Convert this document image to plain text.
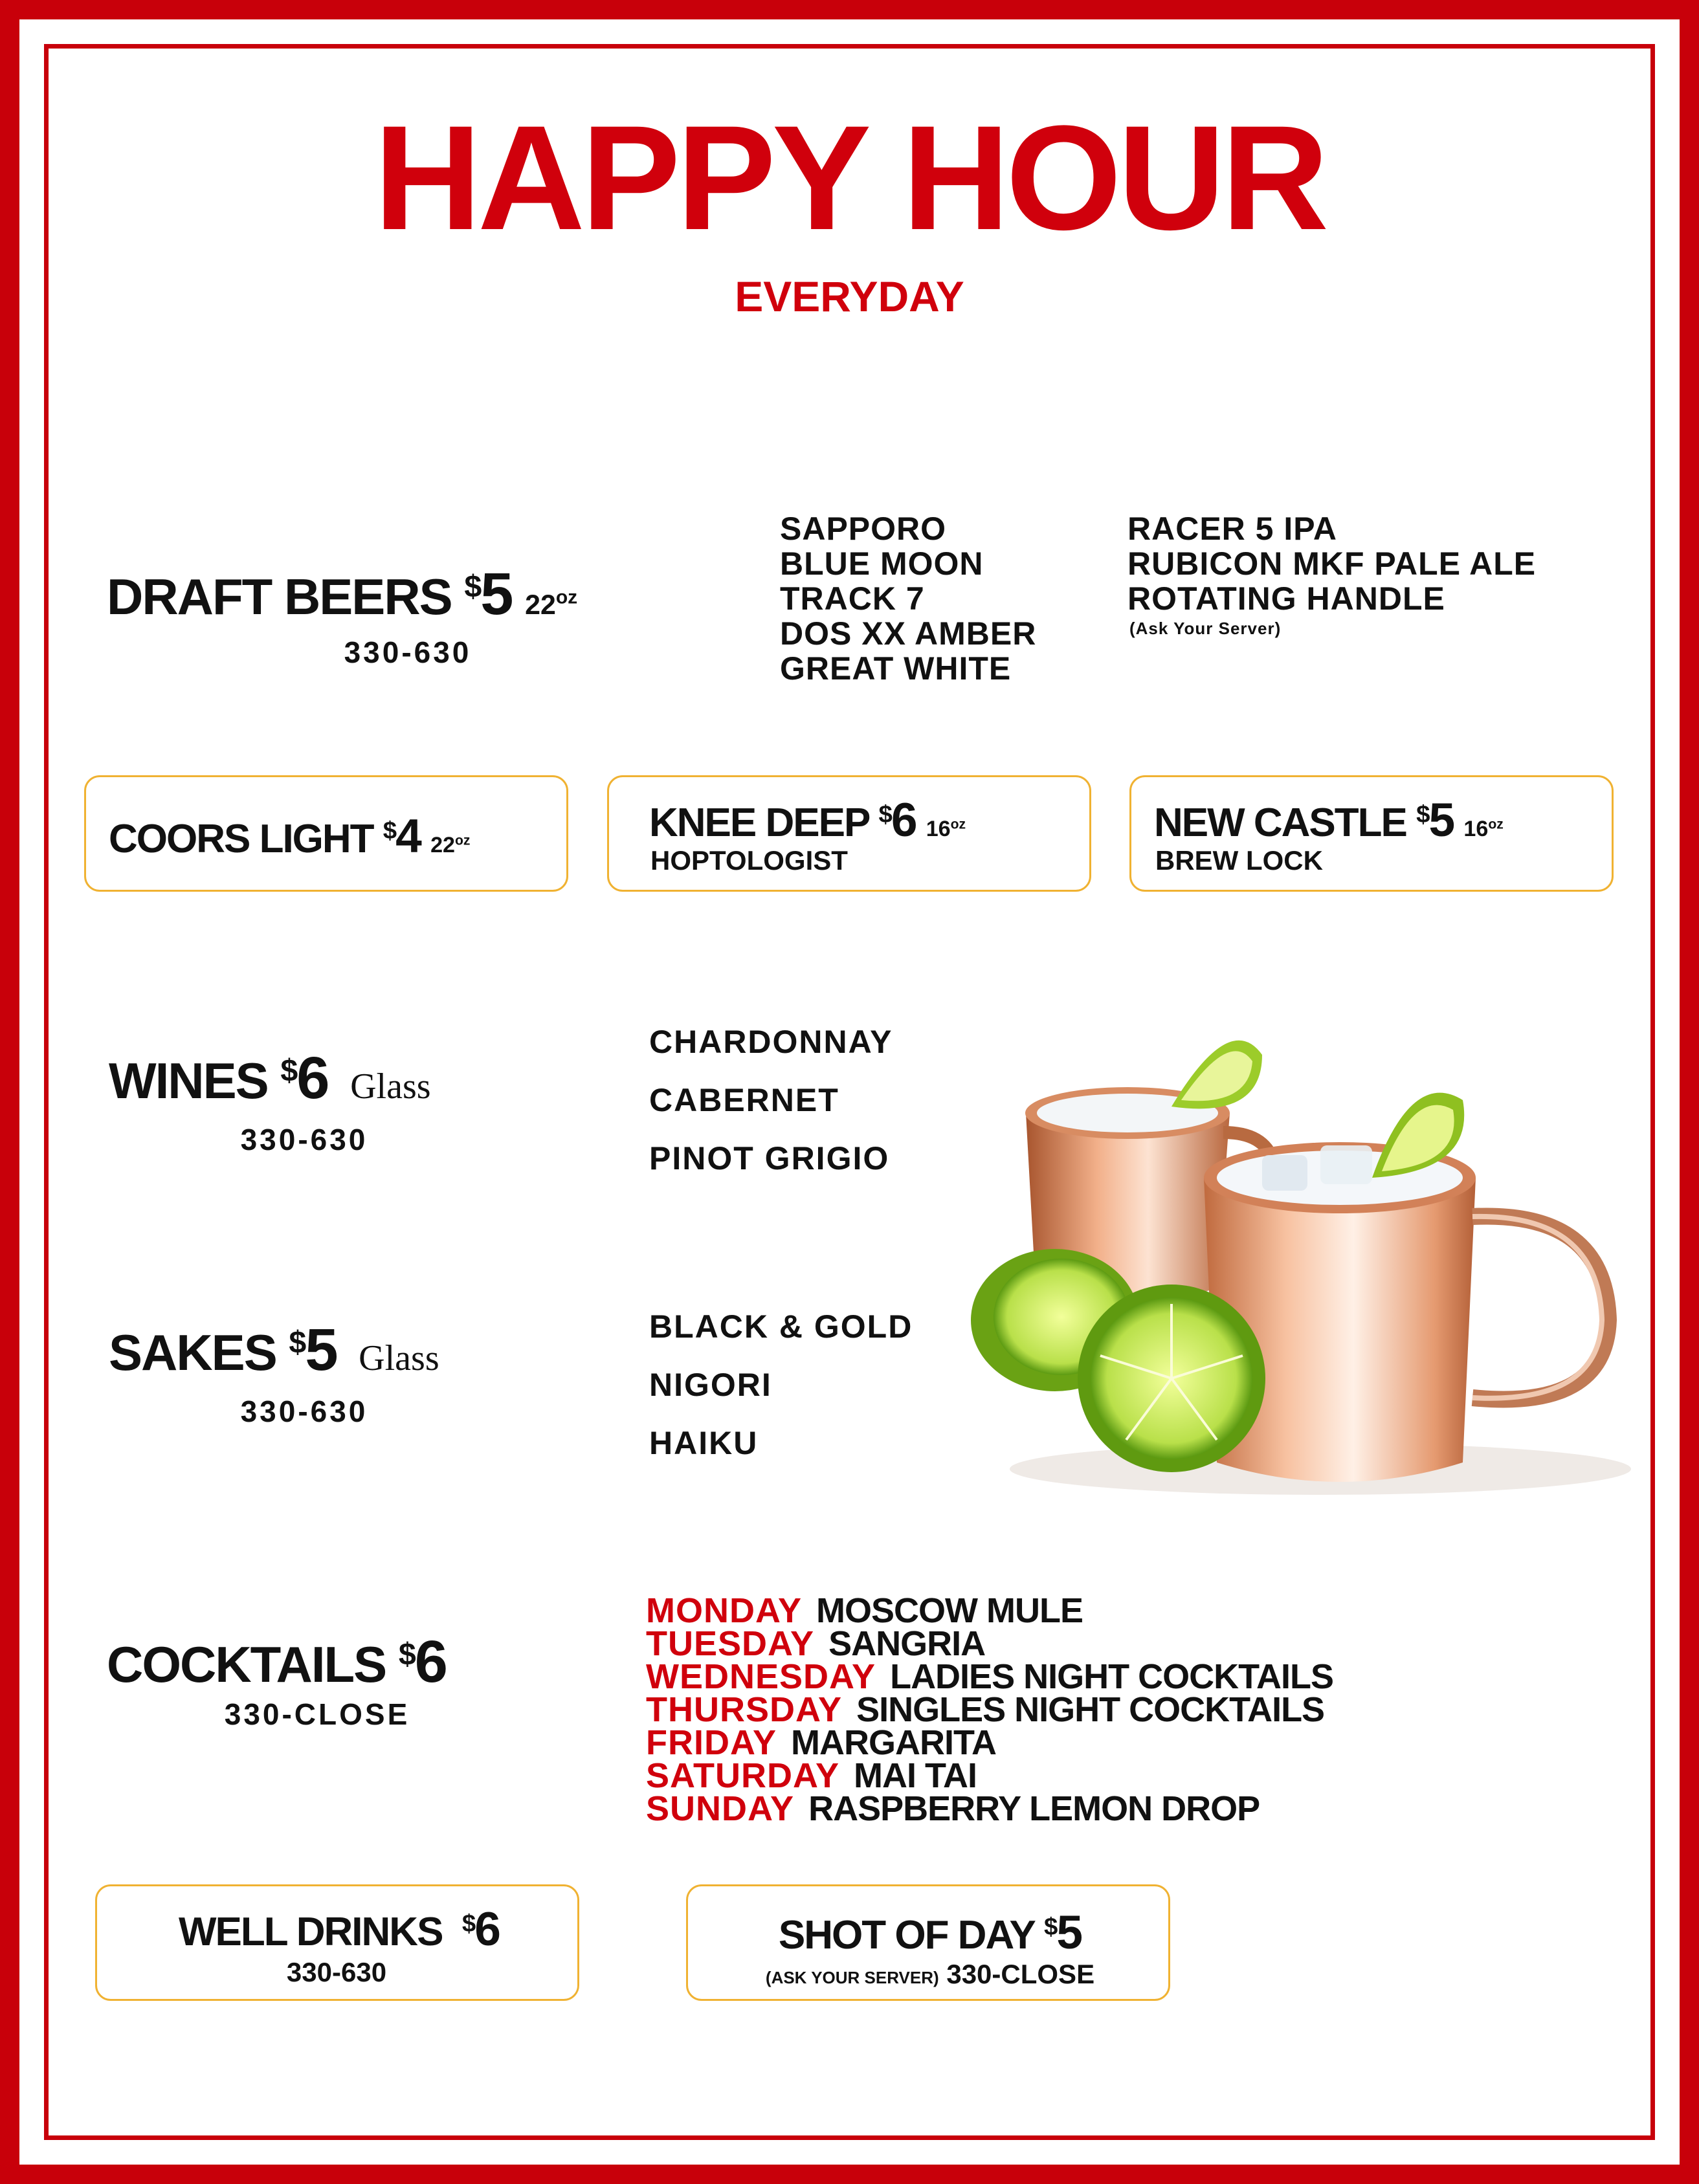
HAPPY HOUR
EVERYDAY
DRAFT BEERS $5 $22^{oz}$
330-630
SAPPORO
BLUE MOON
TRACK 7
DOS XX AMBER
GREAT WHITE
RACER 5 IPA
RUBICON MKF PALE ALE
ROTATING HANDLE
(Ask Your Server)
COORS LIGHT $4 $22^{oz}$	KNEE DEEP $6 $16^{oz}$
HOPTOLOGIST
NEW CASTLE $5 $16^{oz}$
BREW LOCK
WINES $6 Glass
330-630
CHARDONNAY
CABERNET
PINOT GRIGIO
SAKES $5 Glass
330-630
BLACK & GOLD
NIGORI
HAIKU
COCKTAILS $6
330-CLOSE
MONDAY MOSCOW MULE
TUESDAY SANGRIA
WEDNESDAY LADIES NIGHT COCKTAILS
THURSDAY SINGLES NIGHT COCKTAILS
FRIDAY MARGARITA
SATURDAY MAI TAI
SUNDAY RASPBERRY LEMON DROP
WELL DRINKS $6
330-630
SHOT OF DAY $5
(ASK YOUR SERVER) 330-CLOSE
